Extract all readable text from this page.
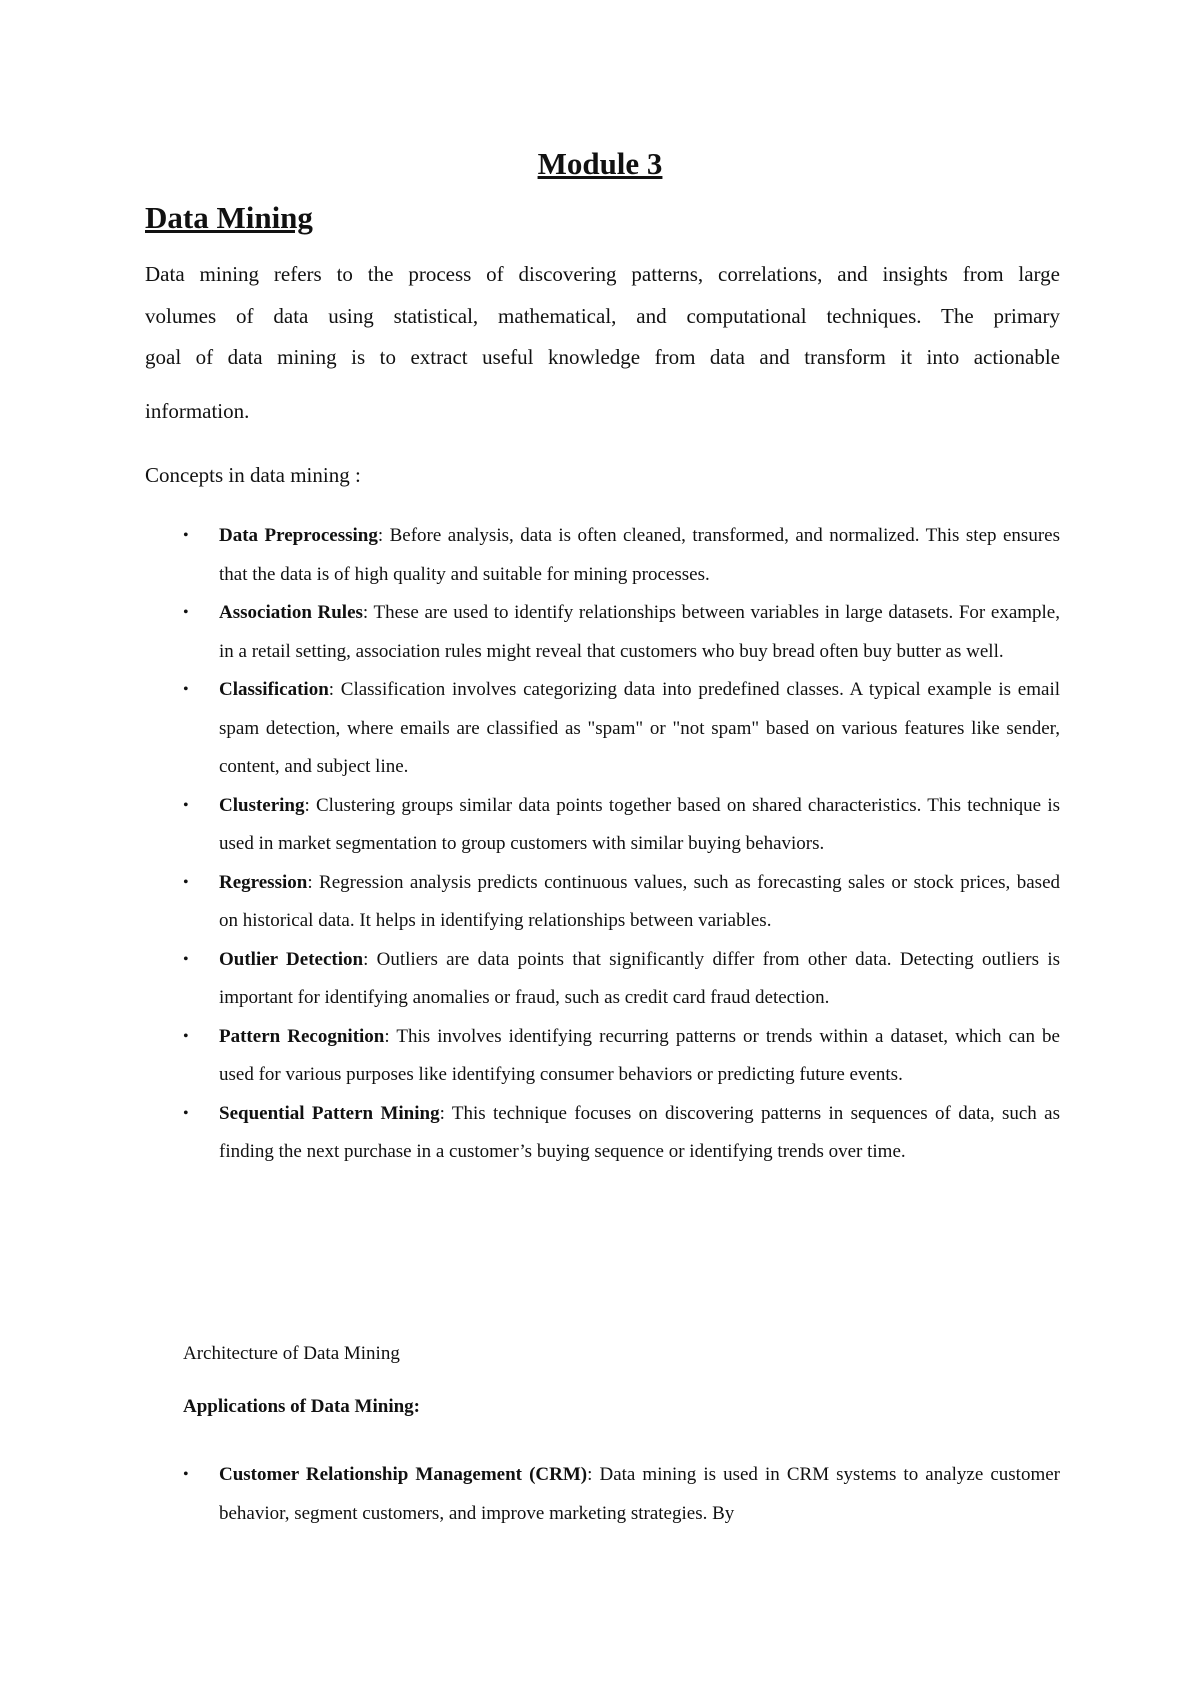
Module 3
Data Mining
Data mining refers to the process of discovering patterns, correlations, and insights from large
volumes of data using statistical, mathematical, and computational techniques. The primary
goal of data mining is to extract useful knowledge from data and transform it into actionable
information.
Concepts in data mining :
• Data Preprocessing: Before analysis, data is often cleaned, transformed, and normalized. This step ensures that the data is of high quality and suitable for mining processes.
• Association Rules: These are used to identify relationships between variables in large datasets. For example, in a retail setting, association rules might reveal that customers who buy bread often buy butter as well.
• Classification: Classification involves categorizing data into predefined classes. A typical example is email spam detection, where emails are classified as "spam" or "not spam" based on various features like sender, content, and subject line.
• Clustering: Clustering groups similar data points together based on shared characteristics. This technique is used in market segmentation to group customers with similar buying behaviors.
• Regression: Regression analysis predicts continuous values, such as forecasting sales or stock prices, based on historical data. It helps in identifying relationships between variables.
• Outlier Detection: Outliers are data points that significantly differ from other data. Detecting outliers is important for identifying anomalies or fraud, such as credit card fraud detection.
• Pattern Recognition: This involves identifying recurring patterns or trends within a dataset, which can be used for various purposes like identifying consumer behaviors or predicting future events.
• Sequential Pattern Mining: This technique focuses on discovering patterns in sequences of data, such as finding the next purchase in a customer’s buying sequence or identifying trends over time.
Architecture of Data Mining
Applications of Data Mining:
• Customer Relationship Management (CRM): Data mining is used in CRM systems to analyze customer behavior, segment customers, and improve marketing strategies. By
